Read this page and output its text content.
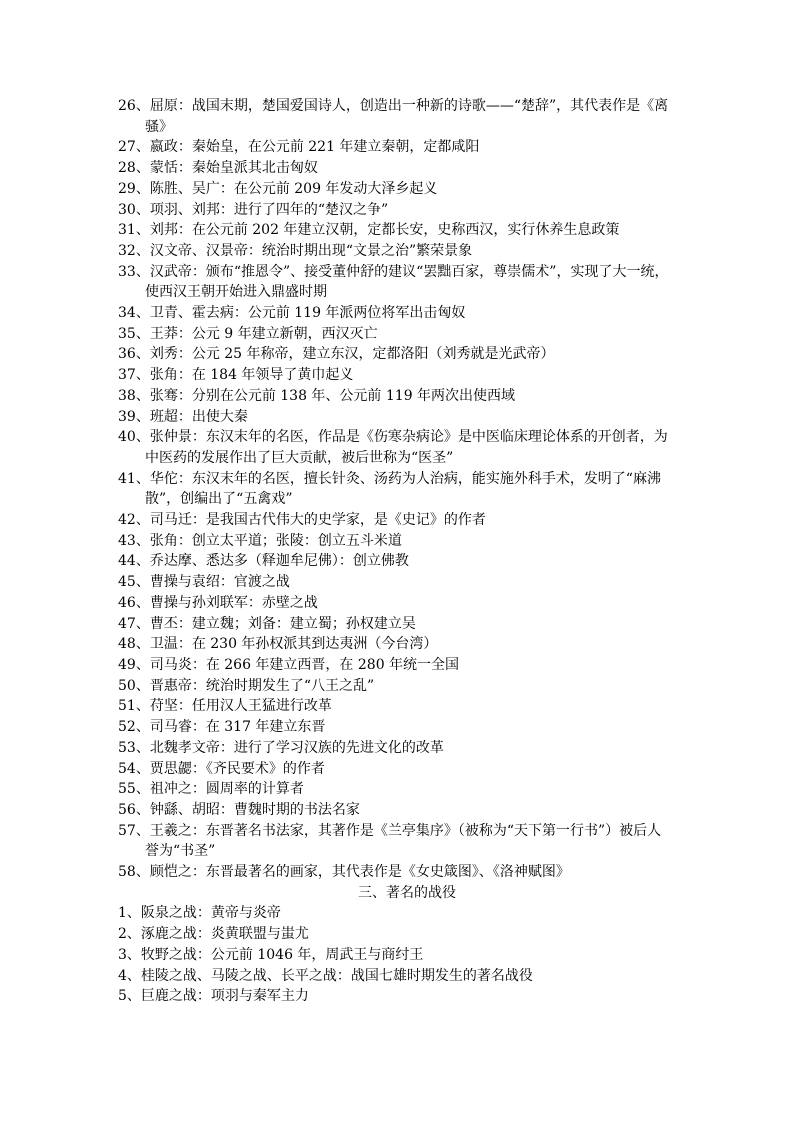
26、屈原：战国末期，楚国爱国诗人，创造出一种新的诗歌——“楚辞”，其代表作是《离
骚》
27、嬴政：秦始皇，在公元前 221 年建立秦朝，定都咸阳
28、蒙恬：秦始皇派其北击匈奴
29、陈胜、吴广：在公元前 209 年发动大泽乡起义
30、项羽、刘邦：进行了四年的“楚汉之争”
31、刘邦：在公元前 202 年建立汉朝，定都长安，史称西汉，实行休养生息政策
32、汉文帝、汉景帝：统治时期出现“文景之治”繁荣景象
33、汉武帝：颁布“推恩令”、接受董仲舒的建议“罢黜百家，尊崇儒术”，实现了大一统，
使西汉王朝开始进入鼎盛时期
34、卫青、霍去病：公元前 119 年派两位将军出击匈奴
35、王莽：公元 9 年建立新朝，西汉灭亡
36、刘秀：公元 25 年称帝，建立东汉，定都洛阳（刘秀就是光武帝）
37、张角：在 184 年领导了黄巾起义
38、张骞：分别在公元前 138 年、公元前 119 年两次出使西域
39、班超：出使大秦
40、张仲景：东汉末年的名医，作品是《伤寒杂病论》是中医临床理论体系的开创者，为
中医药的发展作出了巨大贡献，被后世称为“医圣”
41、华佗：东汉末年的名医，擅长针灸、汤药为人治病，能实施外科手术，发明了“麻沸
散”，创编出了“五禽戏”
42、司马迁：是我国古代伟大的史学家，是《史记》的作者
43、张角：创立太平道；张陵：创立五斗米道
44、乔达摩、悉达多（释迦牟尼佛）：创立佛教
45、曹操与袁绍：官渡之战
46、曹操与孙刘联军：赤壁之战
47、曹丕：建立魏；刘备：建立蜀；孙权建立吴
48、卫温：在 230 年孙权派其到达夷洲（今台湾）
49、司马炎：在 266 年建立西晋，在 280 年统一全国
50、晋惠帝：统治时期发生了“八王之乱”
51、苻坚：任用汉人王猛进行改革
52、司马睿：在 317 年建立东晋
53、北魏孝文帝：进行了学习汉族的先进文化的改革
54、贾思勰：《齐民要术》的作者
55、祖冲之：圆周率的计算者
56、钟繇、胡昭：曹魏时期的书法名家
57、王羲之：东晋著名书法家，其著作是《兰亭集序》（被称为“天下第一行书”）被后人
誉为“书圣”
58、顾恺之：东晋最著名的画家，其代表作是《女史箴图》、《洛神赋图》
三、著名的战役
1、阪泉之战：黄帝与炎帝
2、涿鹿之战：炎黄联盟与蚩尤
3、牧野之战：公元前 1046 年，周武王与商纣王
4、桂陵之战、马陵之战、长平之战：战国七雄时期发生的著名战役
5、巨鹿之战：项羽与秦军主力
